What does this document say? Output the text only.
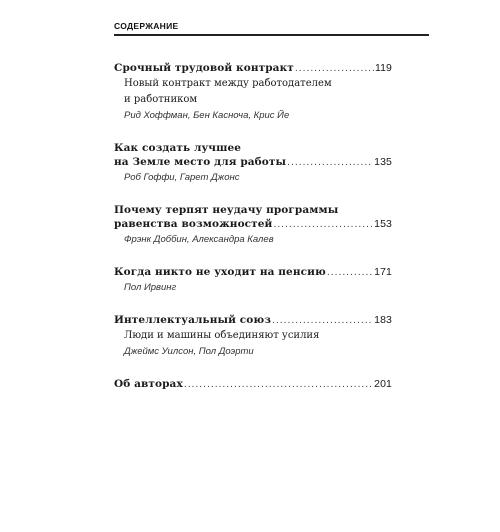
СОДЕРЖАНИЕ
Срочный трудовой контракт .....	119
Новый контракт между работодателем
и работником
Рид Хоффман, Бен Касноча, Крис Йе
Как создать лучшее
на Земле место для работы .....	135
Роб Гоффи, Гарет Джонс
Почему терпят неудачу программы
равенства возможностей .....	153
Фрэнк Доббин, Александра Калев
Когда никто не уходит на пенсию .....	171
Пол Ирвинг
Интеллектуальный союз .....	183
Люди и машины объединяют усилия
Джеймс Уилсон, Пол Доэрти
Об авторах .....	201
